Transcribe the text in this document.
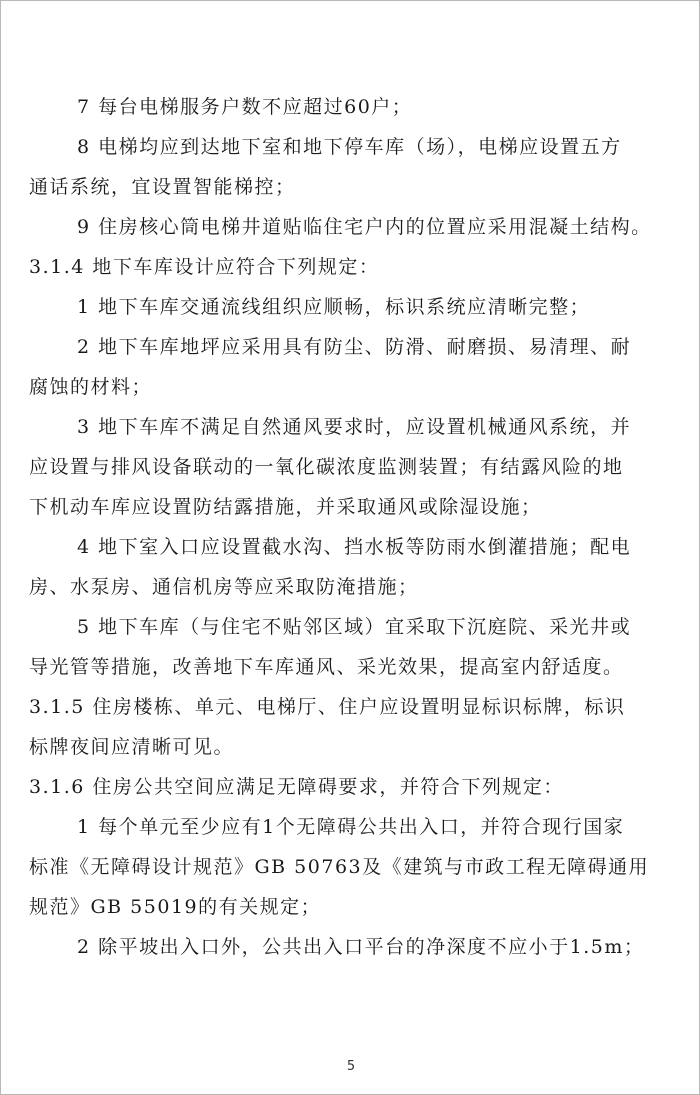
7 每台电梯服务户数不应超过60户；
8 电梯均应到达地下室和地下停车库（场），电梯应设置五方
通话系统，宜设置智能梯控；
9 住房核心筒电梯井道贴临住宅户内的位置应采用混凝土结构。
3.1.4 地下车库设计应符合下列规定：
1 地下车库交通流线组织应顺畅，标识系统应清晰完整；
2 地下车库地坪应采用具有防尘、防滑、耐磨损、易清理、耐
腐蚀的材料；
3 地下车库不满足自然通风要求时，应设置机械通风系统，并
应设置与排风设备联动的一氧化碳浓度监测装置；有结露风险的地
下机动车库应设置防结露措施，并采取通风或除湿设施；
4 地下室入口应设置截水沟、挡水板等防雨水倒灌措施；配电
房、水泵房、通信机房等应采取防淹措施；
5 地下车库（与住宅不贴邻区域）宜采取下沉庭院、采光井或
导光管等措施，改善地下车库通风、采光效果，提高室内舒适度。
3.1.5 住房楼栋、单元、电梯厅、住户应设置明显标识标牌，标识
标牌夜间应清晰可见。
3.1.6 住房公共空间应满足无障碍要求，并符合下列规定：
1 每个单元至少应有1个无障碍公共出入口，并符合现行国家
标准《无障碍设计规范》GB 50763及《建筑与市政工程无障碍通用
规范》GB 55019的有关规定；
2 除平坡出入口外，公共出入口平台的净深度不应小于1.5m；
5
